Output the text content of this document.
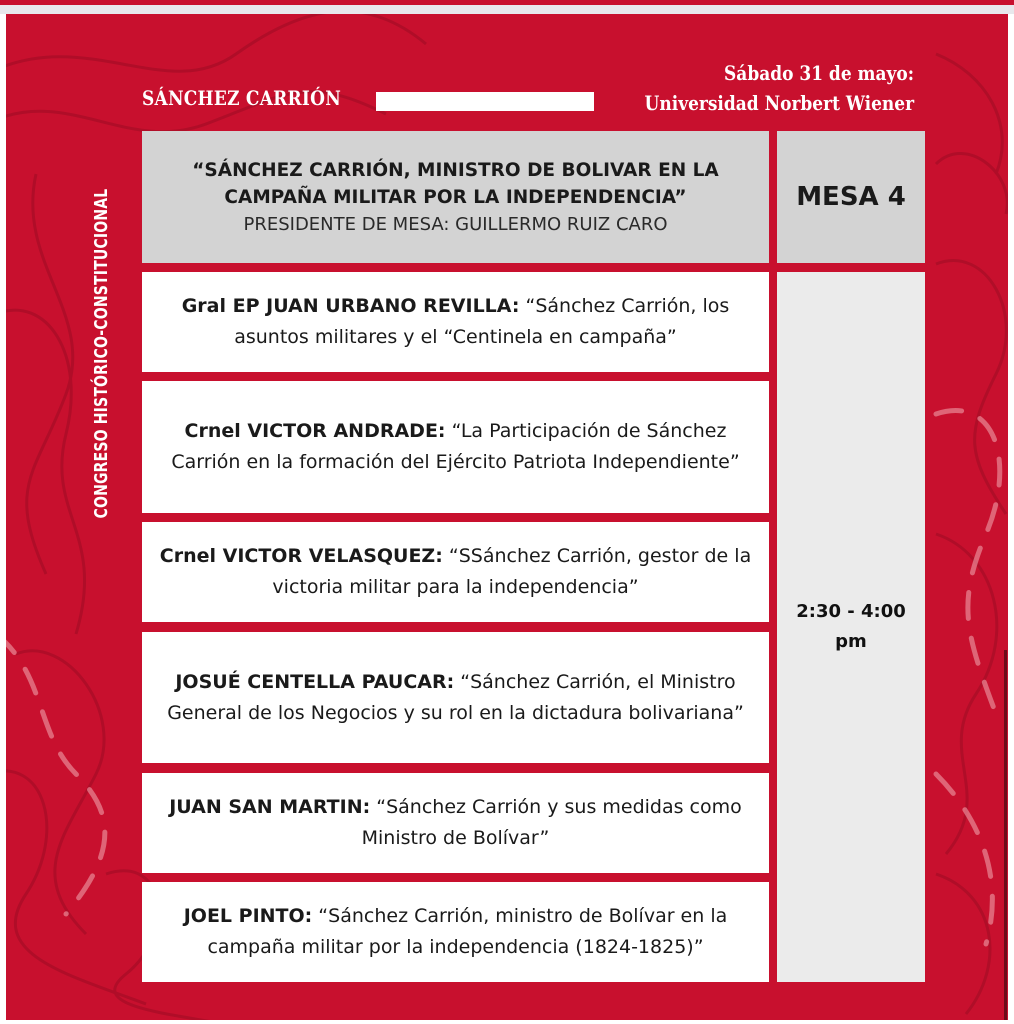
SÁNCHEZ CARRIÓN
Sábado 31 de mayo:
Universidad Norbert Wiener
CONGRESO HISTÓRICO-CONSTITUCIONAL
“SÁNCHEZ CARRIÓN, MINISTRO DE BOLIVAR EN LA
CAMPAÑA MILITAR POR LA INDEPENDENCIA”
PRESIDENTE DE MESA: GUILLERMO RUIZ CARO
MESA 4
2:30 - 4:00
pm

Gral EP JUAN URBANO REVILLA: “Sánchez Carrión, los asuntos militares y el “Centinela en campaña”

Crnel VICTOR ANDRADE: “La Participación de Sánchez Carrión en la formación del Ejército Patriota Independiente”

Crnel VICTOR VELASQUEZ: “SSánchez Carrión, gestor de la victoria militar para la independencia”

JOSUÉ CENTELLA PAUCAR: “Sánchez Carrión, el Ministro General de los Negocios y su rol en la dictadura bolivariana”

JUAN SAN MARTIN: “Sánchez Carrión y sus medidas como Ministro de Bolívar”

JOEL PINTO: “Sánchez Carrión, ministro de Bolívar en la campaña militar por la independencia (1824-1825)”
